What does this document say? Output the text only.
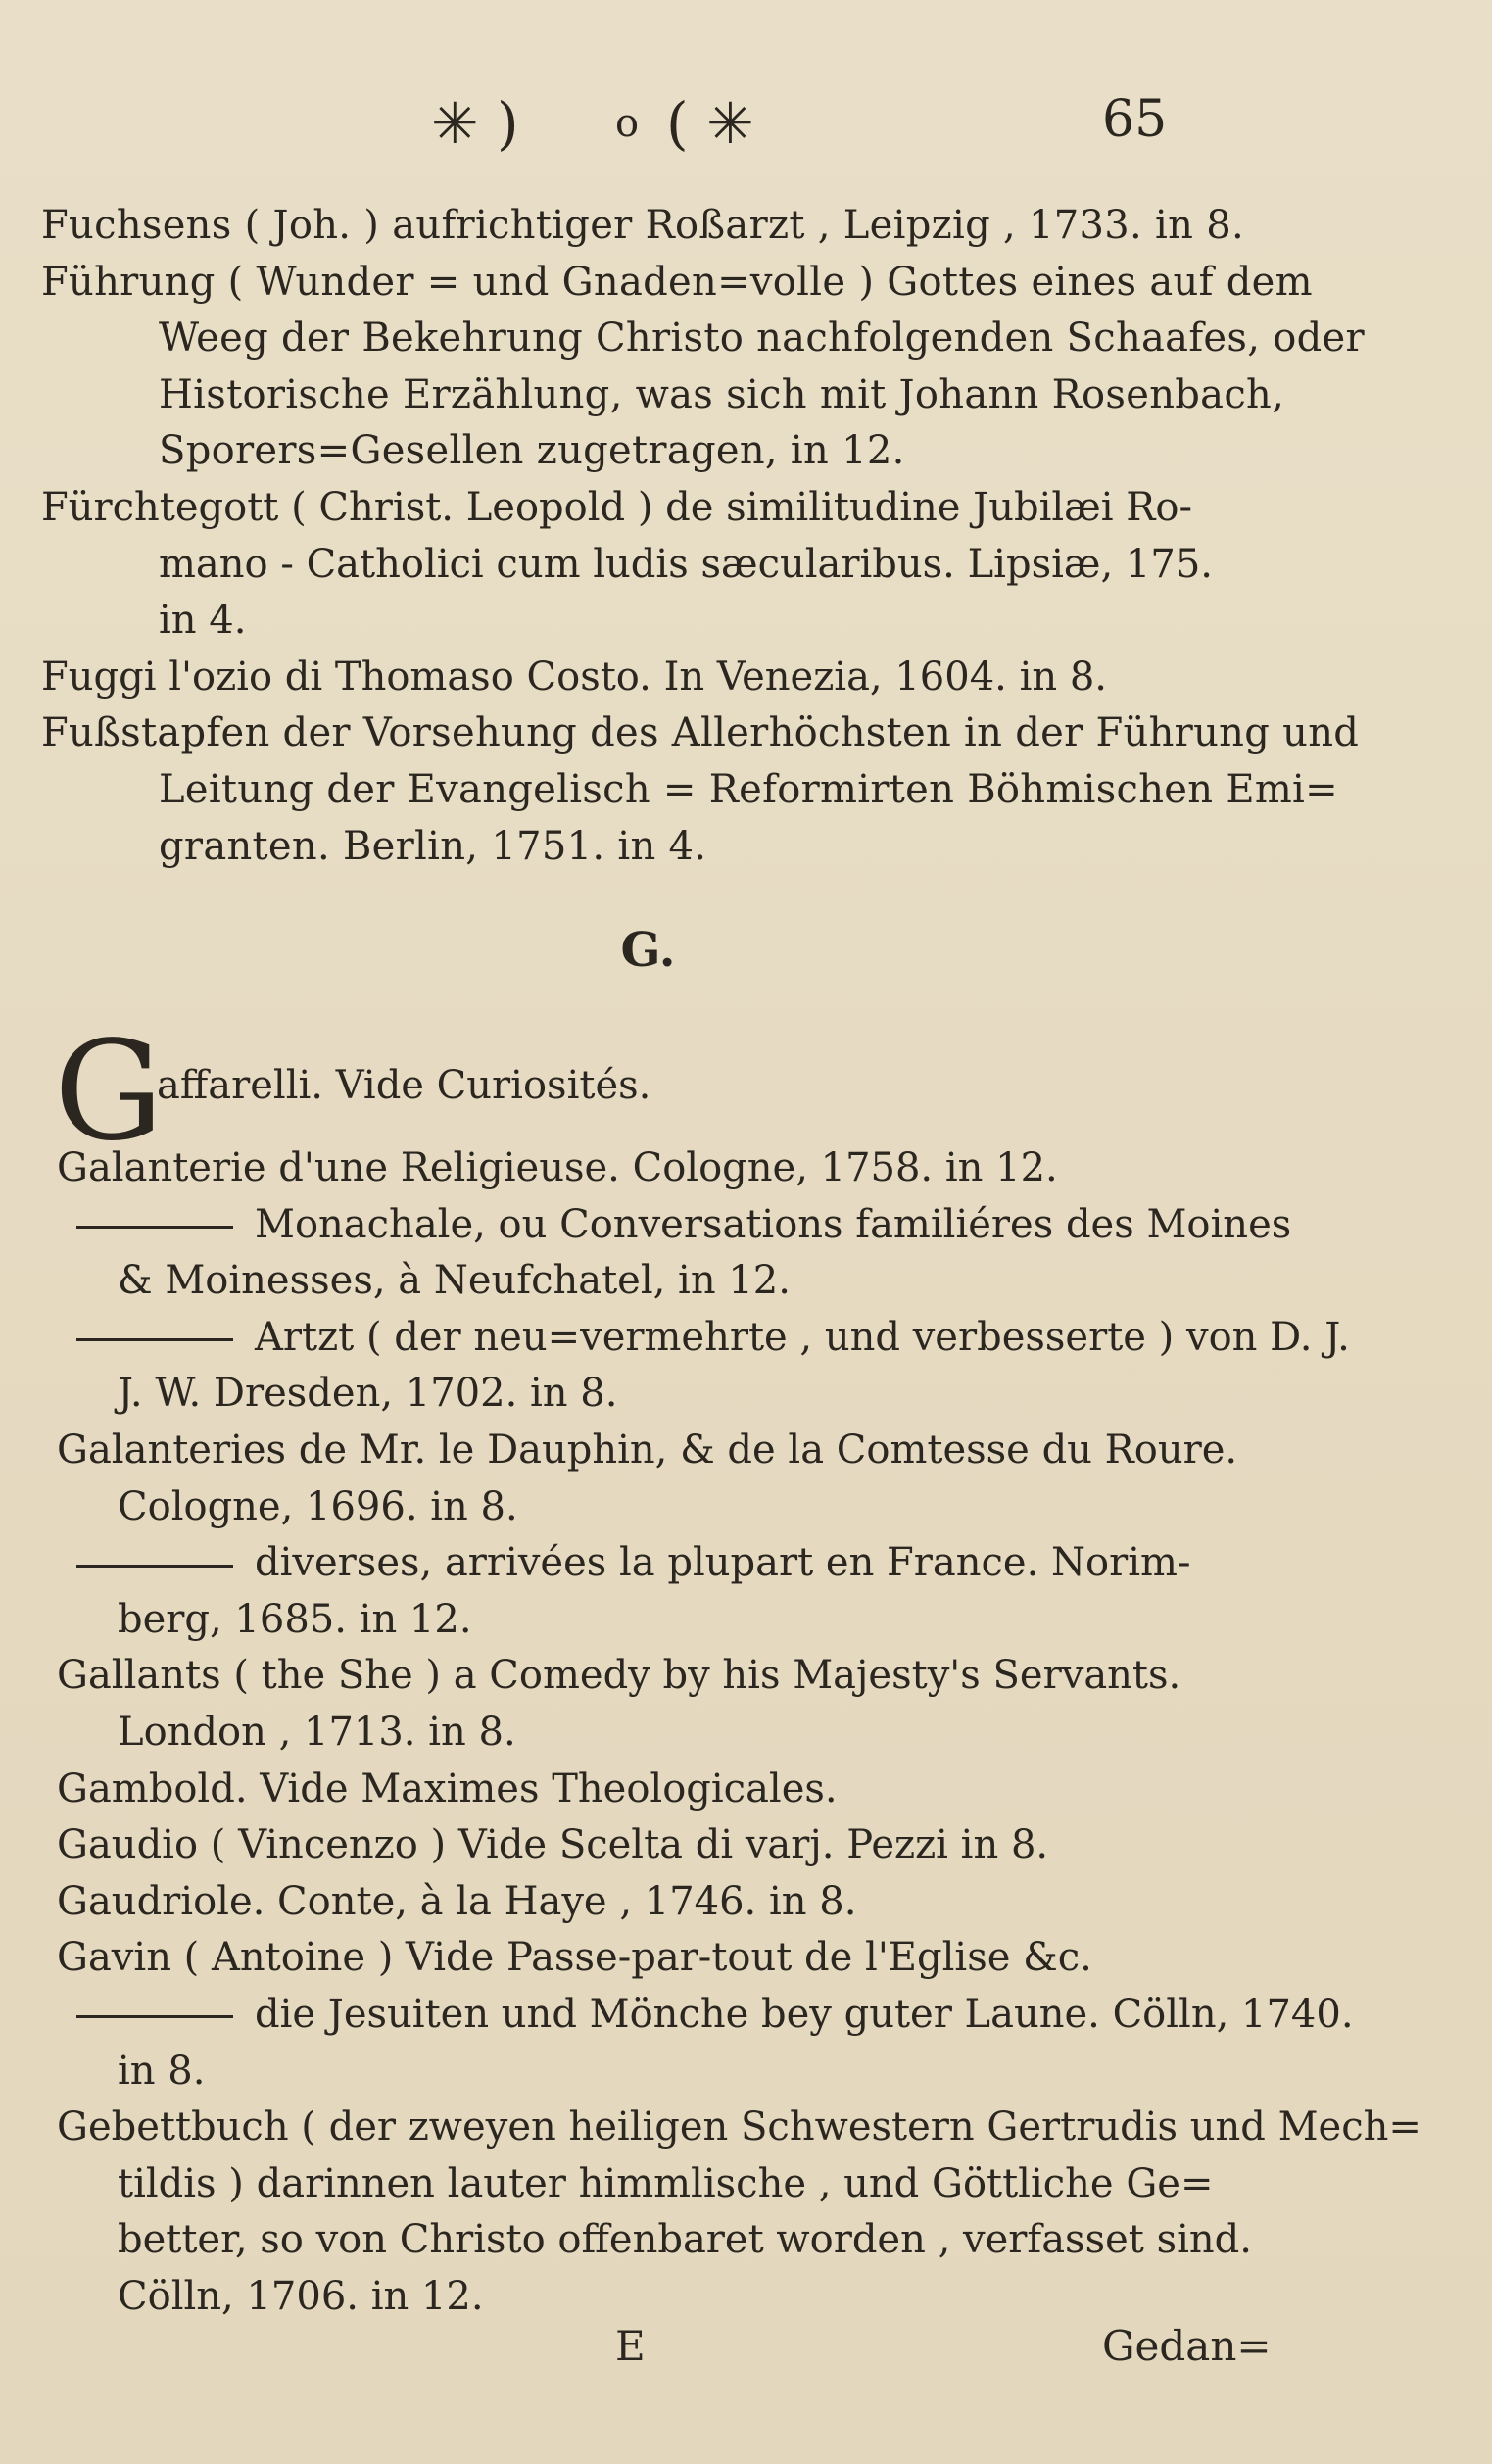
✳ ) o ( ✳	65
Fuchsens ( Joh. ) aufrichtiger Roßarzt , Leipzig , 1733. in 8.
Führung ( Wunder = und Gnaden=volle ) Gottes eines auf dem
Weeg der Bekehrung Christo nachfolgenden Schaafes, oder
Historische Erzählung, was sich mit Johann Rosenbach,
Sporers=Gesellen zugetragen, in 12.
Fürchtegott ( Christ. Leopold ) de similitudine Jubilæi Ro-
mano - Catholici cum ludis sæcularibus. Lipsiæ, 175.
in 4.
Fuggi l'ozio di Thomaso Costo. In Venezia, 1604. in 8.
Fußstapfen der Vorsehung des Allerhöchsten in der Führung und
Leitung der Evangelisch = Reformirten Böhmischen Emi=
granten. Berlin, 1751. in 4.
G.
G
affarelli. Vide Curiosités.
Galanterie d'une Religieuse. Cologne, 1758. in 12.
Monachale, ou Conversations familiéres des Moines
& Moinesses, à Neufchatel, in 12.
Artzt ( der neu=vermehrte , und verbesserte ) von D. J.
J. W. Dresden, 1702. in 8.
Galanteries de Mr. le Dauphin, & de la Comtesse du Roure.
Cologne, 1696. in 8.
diverses, arrivées la plupart en France. Norim-
berg, 1685. in 12.
Gallants ( the She ) a Comedy by his Majesty's Servants.
London , 1713. in 8.
Gambold. Vide Maximes Theologicales.
Gaudio ( Vincenzo ) Vide Scelta di varj. Pezzi in 8.
Gaudriole. Conte, à la Haye , 1746. in 8.
Gavin ( Antoine ) Vide Passe-par-tout de l'Eglise &c.
die Jesuiten und Mönche bey guter Laune. Cölln, 1740.
in 8.
Gebettbuch ( der zweyen heiligen Schwestern Gertrudis und Mech=
tildis ) darinnen lauter himmlische , und Göttliche Ge=
better, so von Christo offenbaret worden , verfasset sind.
Cölln, 1706. in 12.
E	Gedan=
